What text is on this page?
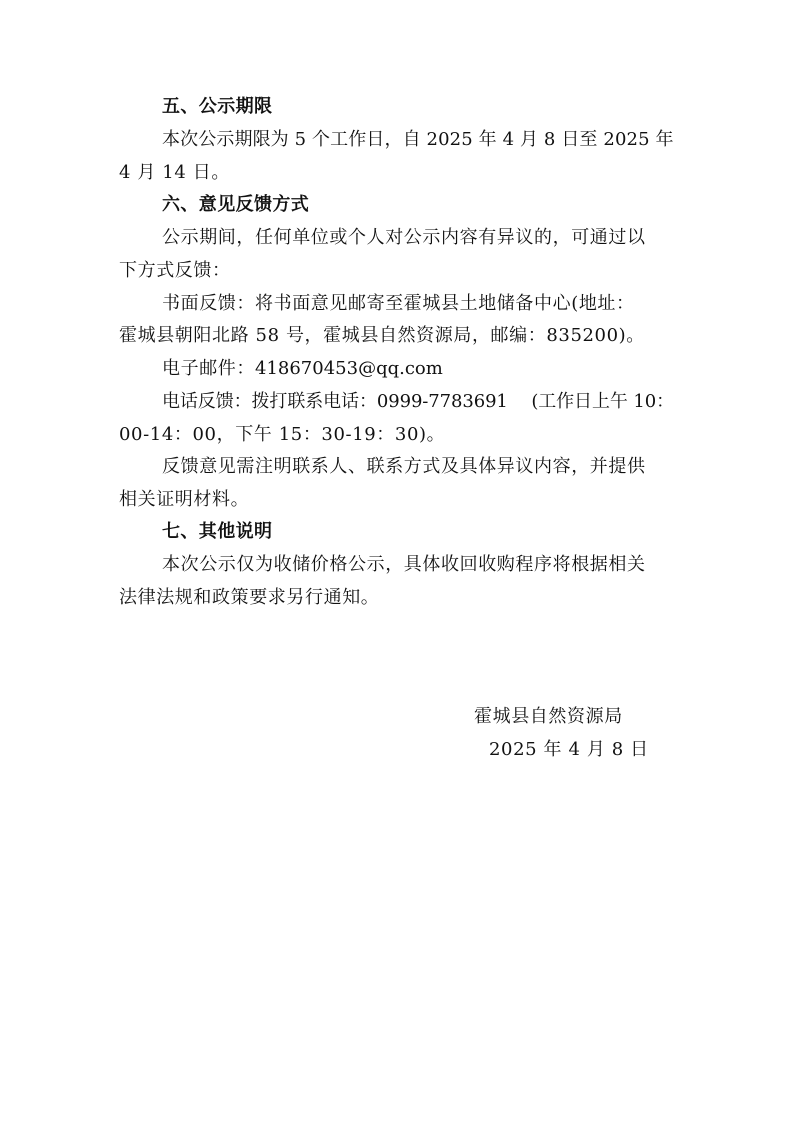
五、公示期限
本次公示期限为 5 个工作日，自 2025 年 4 月 8 日至 2025 年
4 月 14 日。
六、意见反馈方式
公示期间，任何单位或个人对公示内容有异议的，可通过以
下方式反馈：
书面反馈：将书面意见邮寄至霍城县土地储备中心(地址：
霍城县朝阳北路 58 号，霍城县自然资源局，邮编：835200)。
电子邮件：418670453@qq.com
电话反馈：拨打联系电话：0999-7783691　 (工作日上午 10：
00-14：00，下午 15：30-19：30)。
反馈意见需注明联系人、联系方式及具体异议内容，并提供
相关证明材料。
七、其他说明
本次公示仅为收储价格公示，具体收回收购程序将根据相关
法律法规和政策要求另行通知。
霍城县自然资源局
2025 年 4 月 8 日
